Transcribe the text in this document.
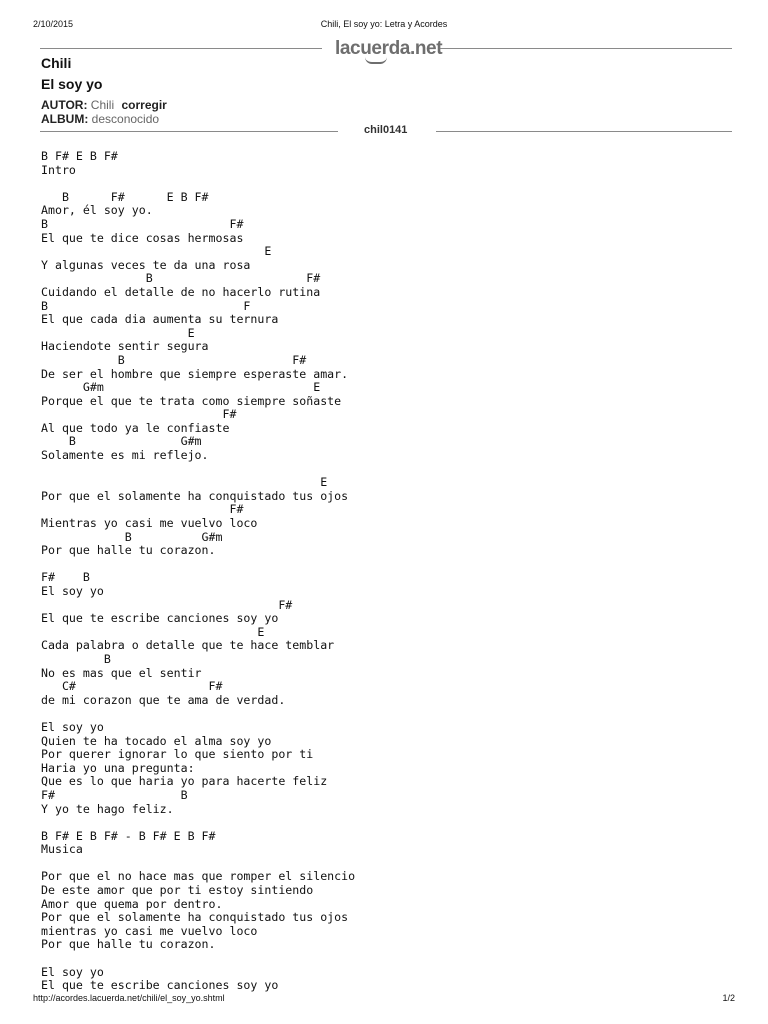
2/10/2015	Chili, El soy yo: Letra y Acordes
lacuerda.net
Chili
El soy yo
AUTOR: Chili corregir
ALBUM: desconocido
chil0141
B F# E B F#
Intro

B      F#      E B F#
Amor, él soy yo.
B                          F#
El que te dice cosas hermosas
E
Y algunas veces te da una rosa
B                      F#
Cuidando el detalle de no hacerlo rutina
B                            F
El que cada dia aumenta su ternura
E
Haciendote sentir segura
B                        F#
De ser el hombre que siempre esperaste amar.
G#m                              E
Porque el que te trata como siempre soñaste
F#
Al que todo ya le confiaste
B               G#m
Solamente es mi reflejo.

E
Por que el solamente ha conquistado tus ojos
F#
Mientras yo casi me vuelvo loco
B          G#m
Por que halle tu corazon.

F#    B
El soy yo
F#
El que te escribe canciones soy yo
E
Cada palabra o detalle que te hace temblar
B
No es mas que el sentir
C#                   F#
de mi corazon que te ama de verdad.

El soy yo
Quien te ha tocado el alma soy yo
Por querer ignorar lo que siento por ti
Haria yo una pregunta:
Que es lo que haria yo para hacerte feliz
F#                  B
Y yo te hago feliz.

B F# E B F# - B F# E B F#
Musica

Por que el no hace mas que romper el silencio
De este amor que por ti estoy sintiendo
Amor que quema por dentro.
Por que el solamente ha conquistado tus ojos
mientras yo casi me vuelvo loco
Por que halle tu corazon.

El soy yo
El que te escribe canciones soy yo
http://acordes.lacuerda.net/chili/el_soy_yo.shtml	1/2
